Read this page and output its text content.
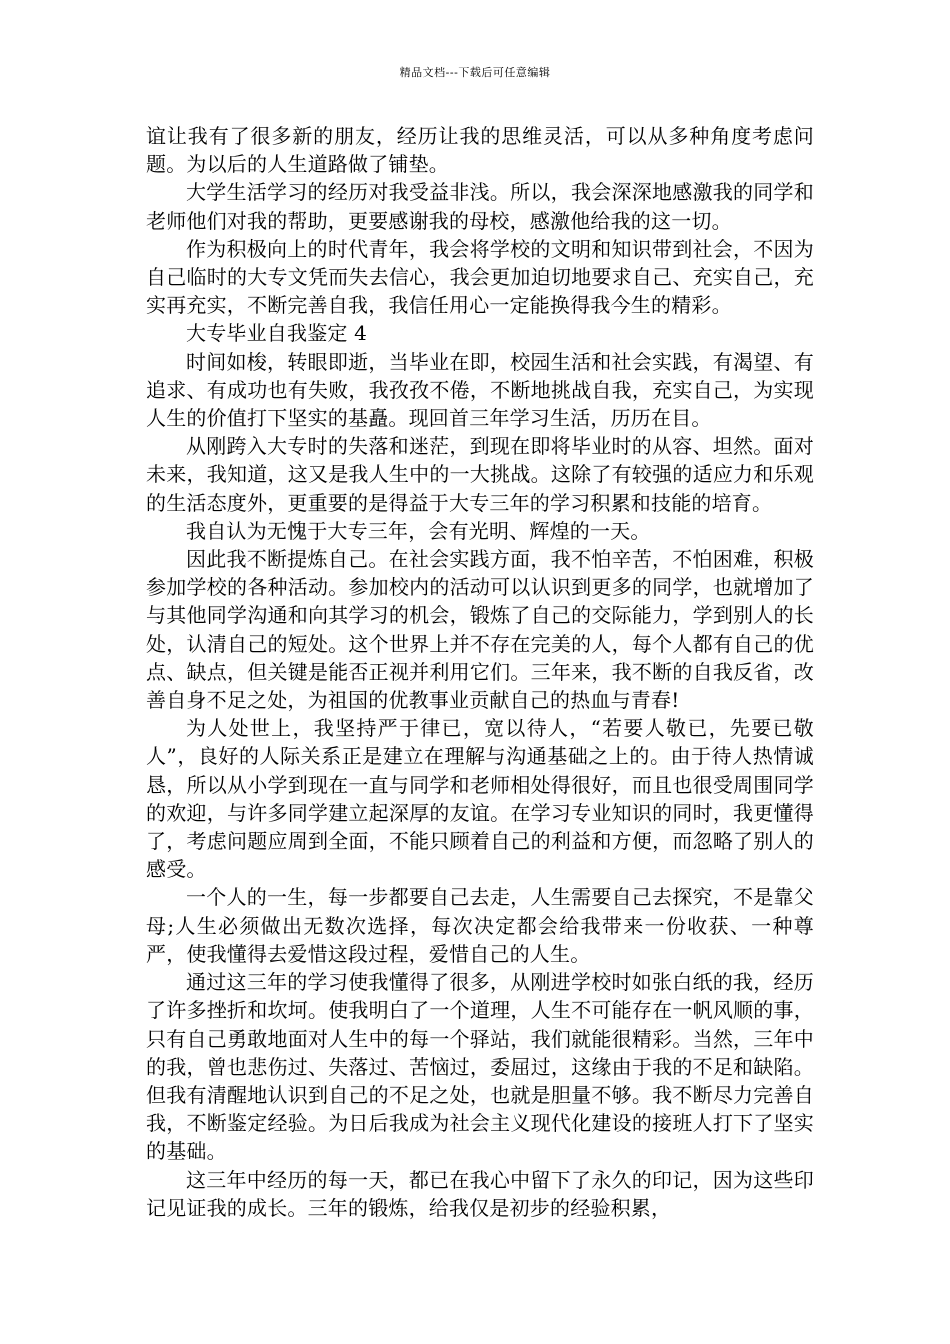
精品文档---下载后可任意编辑

谊让我有了很多新的朋友，经历让我的思维灵活，可以从多种角度考虑问题。为以后的人生道路做了铺垫。

大学生活学习的经历对我受益非浅。所以，我会深深地感激我的同学和老师他们对我的帮助，更要感谢我的母校，感激他给我的这一切。

作为积极向上的时代青年，我会将学校的文明和知识带到社会，不因为自己临时的大专文凭而失去信心，我会更加迫切地要求自己、充实自己，充实再充实，不断完善自我，我信任用心一定能换得我今生的精彩。

大专毕业自我鉴定 4

时间如梭，转眼即逝，当毕业在即，校园生活和社会实践，有渴望、有追求、有成功也有失败，我孜孜不倦，不断地挑战自我，充实自己，为实现人生的价值打下坚实的基矗。现回首三年学习生活，历历在目。

从刚跨入大专时的失落和迷茫，到现在即将毕业时的从容、坦然。面对未来，我知道，这又是我人生中的一大挑战。这除了有较强的适应力和乐观的生活态度外，更重要的是得益于大专三年的学习积累和技能的培育。

我自认为无愧于大专三年，会有光明、辉煌的一天。

因此我不断提炼自己。在社会实践方面，我不怕辛苦，不怕困难，积极参加学校的各种活动。参加校内的活动可以认识到更多的同学，也就增加了与其他同学沟通和向其学习的机会，锻炼了自己的交际能力，学到别人的长处，认清自己的短处。这个世界上并不存在完美的人，每个人都有自己的优点、缺点，但关键是能否正视并利用它们。三年来，我不断的自我反省，改善自身不足之处，为祖国的优教事业贡献自己的热血与青春!

为人处世上，我坚持严于律已，宽以待人，“若要人敬已，先要已敬人”，良好的人际关系正是建立在理解与沟通基础之上的。由于待人热情诚恳，所以从小学到现在一直与同学和老师相处得很好，而且也很受周围同学的欢迎，与许多同学建立起深厚的友谊。在学习专业知识的同时，我更懂得了，考虑问题应周到全面，不能只顾着自己的利益和方便，而忽略了别人的感受。

一个人的一生，每一步都要自己去走，人生需要自己去探究，不是靠父母;人生必须做出无数次选择，每次决定都会给我带来一份收获、一种尊严，使我懂得去爱惜这段过程，爱惜自己的人生。

通过这三年的学习使我懂得了很多，从刚进学校时如张白纸的我，经历了许多挫折和坎坷。使我明白了一个道理，人生不可能存在一帆风顺的事，只有自己勇敢地面对人生中的每一个驿站，我们就能很精彩。当然，三年中的我，曾也悲伤过、失落过、苦恼过，委屈过，这缘由于我的不足和缺陷。但我有清醒地认识到自己的不足之处，也就是胆量不够。我不断尽力完善自我，不断鉴定经验。为日后我成为社会主义现代化建设的接班人打下了坚实的基础。

这三年中经历的每一天，都已在我心中留下了永久的印记，因为这些印记见证我的成长。三年的锻炼，给我仅是初步的经验积累，
